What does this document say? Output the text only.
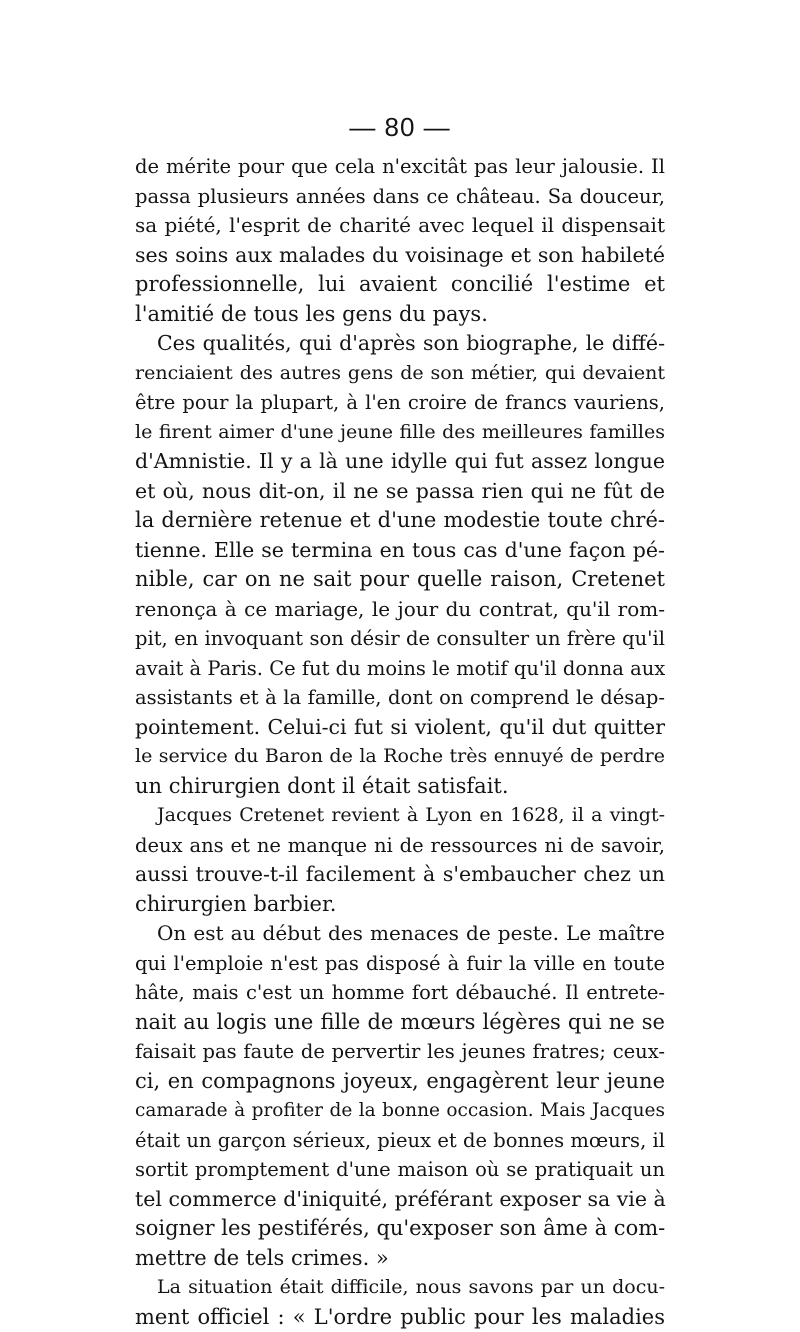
— 80 —
de mérite pour que cela n'excitât pas leur jalousie. Il
passa plusieurs années dans ce château. Sa douceur,
sa piété, l'esprit de charité avec lequel il dispensait
ses soins aux malades du voisinage et son habileté
professionnelle, lui avaient concilié l'estime et
l'amitié de tous les gens du pays.
Ces qualités, qui d'après son biographe, le diffé-
renciaient des autres gens de son métier, qui devaient
être pour la plupart, à l'en croire de francs vauriens,
le firent aimer d'une jeune fille des meilleures familles
d'Amnistie. Il y a là une idylle qui fut assez longue
et où, nous dit-on, il ne se passa rien qui ne fût de
la dernière retenue et d'une modestie toute chré-
tienne. Elle se termina en tous cas d'une façon pé-
nible, car on ne sait pour quelle raison, Cretenet
renonça à ce mariage, le jour du contrat, qu'il rom-
pit, en invoquant son désir de consulter un frère qu'il
avait à Paris. Ce fut du moins le motif qu'il donna aux
assistants et à la famille, dont on comprend le désap-
pointement. Celui-ci fut si violent, qu'il dut quitter
le service du Baron de la Roche très ennuyé de perdre
un chirurgien dont il était satisfait.
Jacques Cretenet revient à Lyon en 1628, il a vingt-
deux ans et ne manque ni de ressources ni de savoir,
aussi trouve-t-il facilement à s'embaucher chez un
chirurgien barbier.
On est au début des menaces de peste. Le maître
qui l'emploie n'est pas disposé à fuir la ville en toute
hâte, mais c'est un homme fort débauché. Il entrete-
nait au logis une fille de mœurs légères qui ne se
faisait pas faute de pervertir les jeunes fratres; ceux-
ci, en compagnons joyeux, engagèrent leur jeune
camarade à profiter de la bonne occasion. Mais Jacques
était un garçon sérieux, pieux et de bonnes mœurs, il
sortit promptement d'une maison où se pratiquait un
tel commerce d'iniquité, préférant exposer sa vie à
soigner les pestiférés, qu'exposer son âme à com-
mettre de tels crimes. »
La situation était difficile, nous savons par un docu-
ment officiel : « L'ordre public pour les maladies
